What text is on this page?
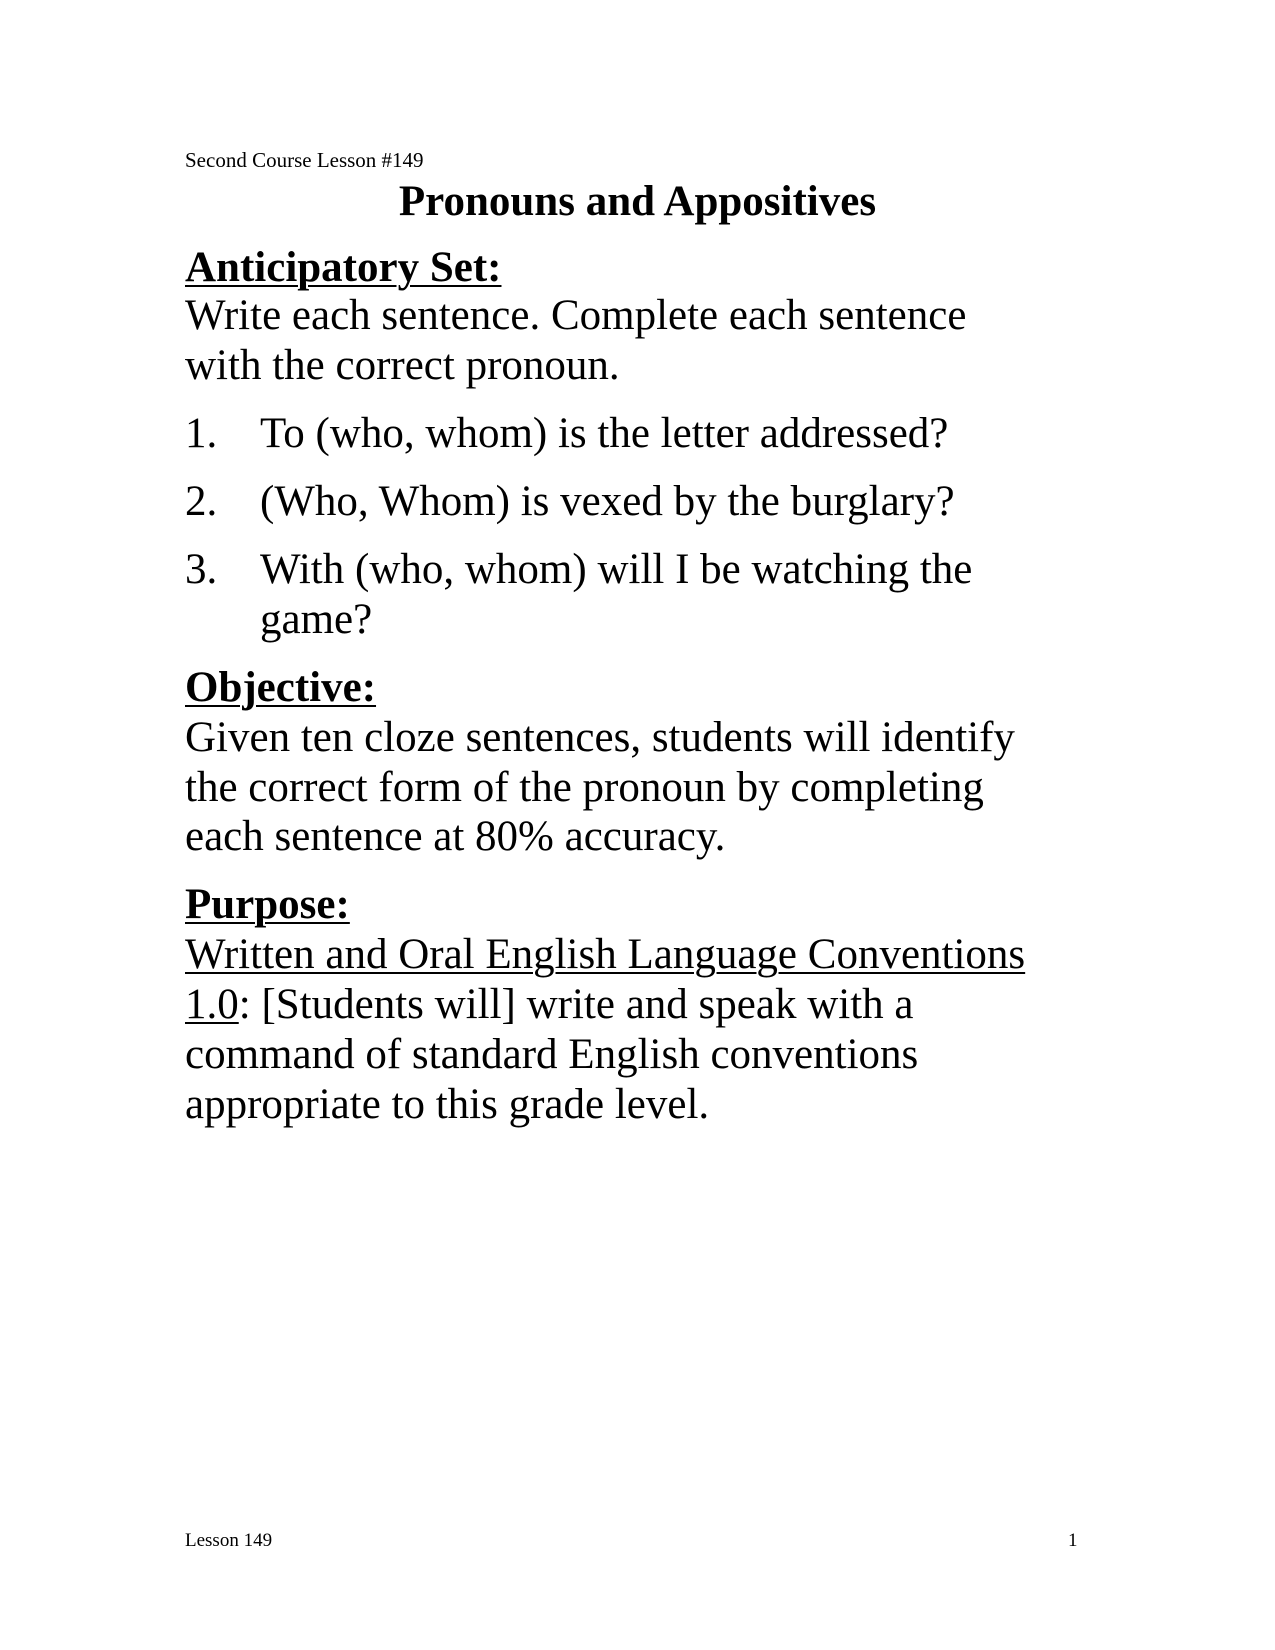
Second Course Lesson #149
Pronouns and Appositives
Anticipatory Set:
Write each sentence. Complete each sentence
with the correct pronoun.
1. To (who, whom) is the letter addressed?
2. (Who, Whom) is vexed by the burglary?
3. With (who, whom) will I be watching the
game?
Objective:
Given ten cloze sentences, students will identify
the correct form of the pronoun by completing
each sentence at 80% accuracy.
Purpose:
Written and Oral English Language Conventions
1.0: [Students will] write and speak with a
command of standard English conventions
appropriate to this grade level.
Lesson 149	1
